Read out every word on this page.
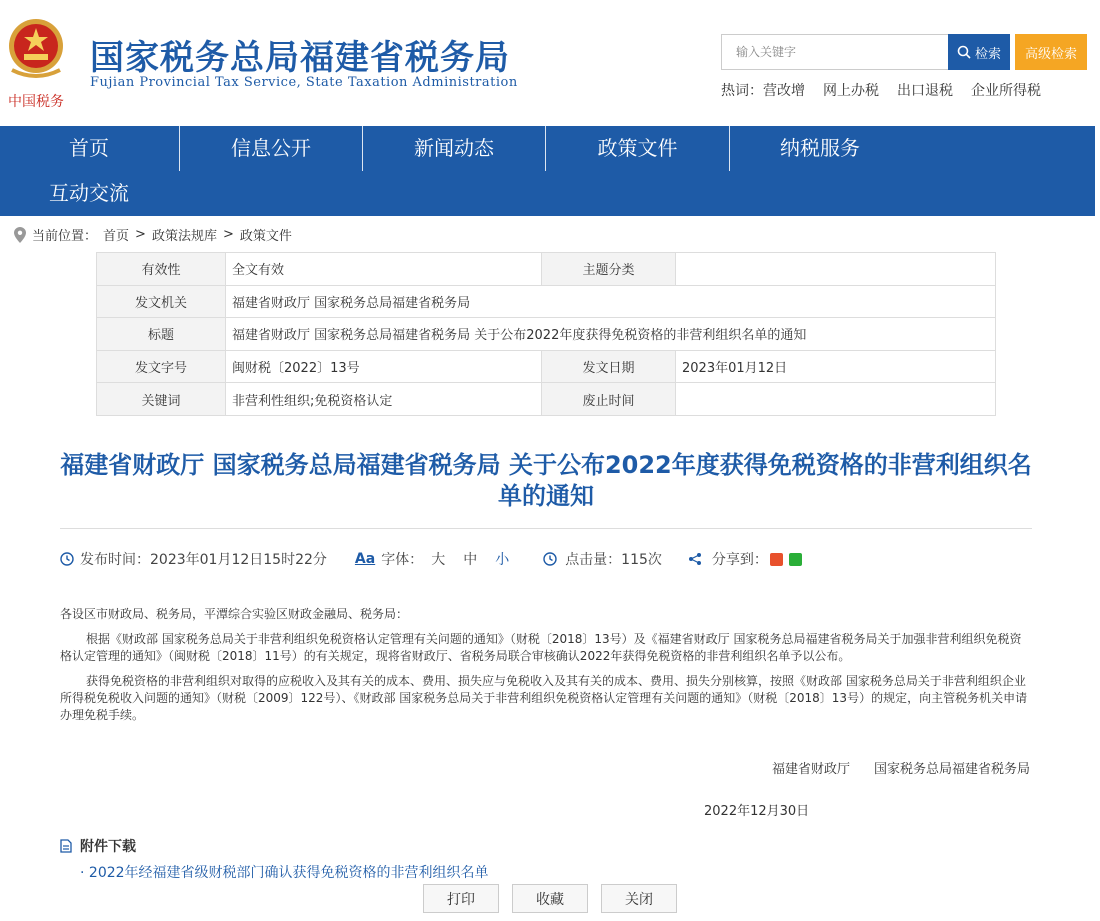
中国税务
国家税务总局福建省税务局
Fujian Provincial Tax Service, State Taxation Administration
输入关键字
检索	高级检索
热词：营改增 网上办税 出口退税 企业所得税
首页	信息公开	新闻动态	政策文件	纳税服务
互动交流
当前位置： 首页 > 政策法规库 > 政策文件
有效性	全文有效	主题分类	
发文机关	福建省财政厅 国家税务总局福建省税务局		
标题	福建省财政厅 国家税务总局福建省税务局 关于公布2022年度获得免税资格的非营利组织名单的通知		
发文字号	闽财税〔2022〕13号	发文日期	2023年01月12日
关键词	非营利性组织;免税资格认定	废止时间	
福建省财政厅 国家税务总局福建省税务局 关于公布2022年度获得免税资格的非营利组织名单的通知
发布时间：2023年01月12日15时22分 Aa 字体： 大 中 小	点击量：115次	分享到：

各设区市财政局、税务局，平潭综合实验区财政金融局、税务局：

根据《财政部 国家税务总局关于非营利组织免税资格认定管理有关问题的通知》（财税〔2018〕13号）及《福建省财政厅 国家税务总局福建省税务局关于加强非营利组织免税资格认定管理的通知》（闽财税〔2018〕11号）的有关规定，现将省财政厅、省税务局联合审核确认2022年获得免税资格的非营利组织名单予以公布。

获得免税资格的非营利组织对取得的应税收入及其有关的成本、费用、损失应与免税收入及其有关的成本、费用、损失分别核算，按照《财政部 国家税务总局关于非营利组织企业所得税免税收入问题的通知》（财税〔2009〕122号）、《财政部 国家税务总局关于非营利组织免税资格认定管理有关问题的通知》（财税〔2018〕13号）的规定，向主管税务机关申请办理免税手续。

福建省财政厅 国家税务总局福建省税务局
2022年12月30日
附件下载
· 2022年经福建省级财税部门确认获得免税资格的非营利组织名单
打印	收藏	关闭
